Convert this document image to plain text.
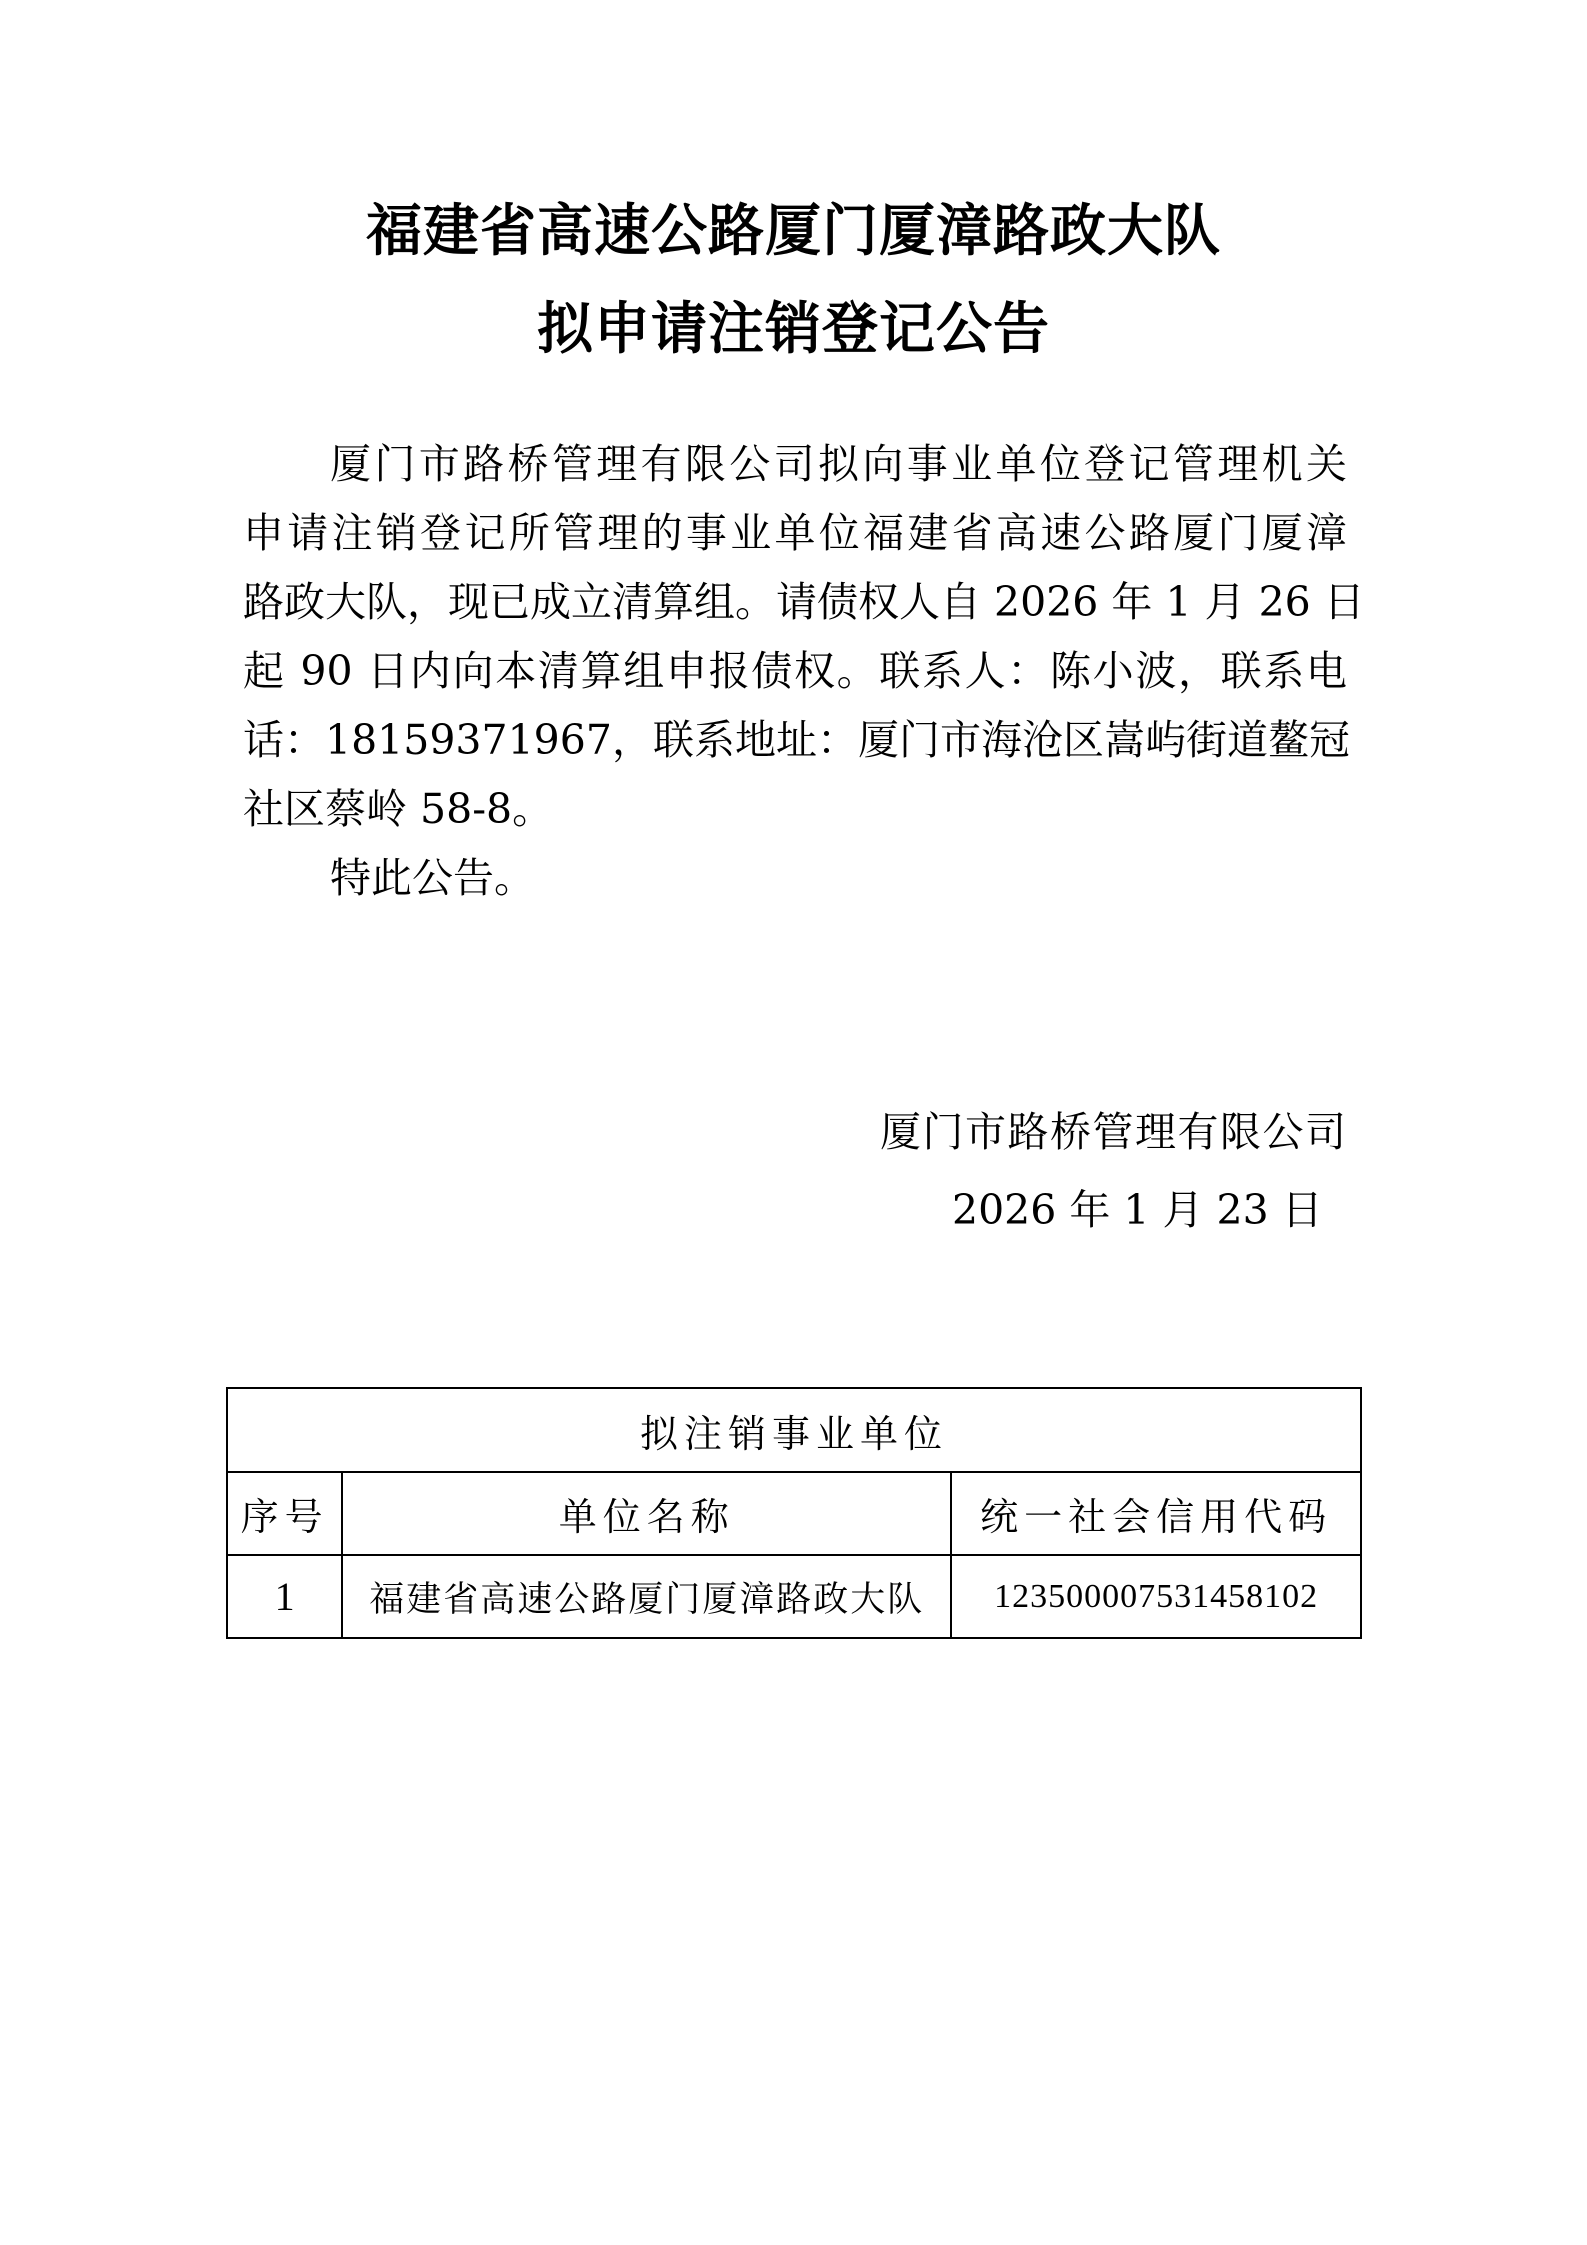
福建省高速公路厦门厦漳路政大队
拟申请注销登记公告
厦门市路桥管理有限公司拟向事业单位登记管理机关
申请注销登记所管理的事业单位福建省高速公路厦门厦漳
路政大队，现已成立清算组。请债权人自 2026 年 1 月 26 日
起 90 日内向本清算组申报债权。联系人：陈小波，联系电
话：18159371967，联系地址：厦门市海沧区嵩屿街道鳌冠
社区蔡岭 58-8。
特此公告。
厦门市路桥管理有限公司
2026 年 1 月 23 日
拟注销事业单位		
序号	单位名称	统一社会信用代码
1	福建省高速公路厦门厦漳路政大队	123500007531458102
